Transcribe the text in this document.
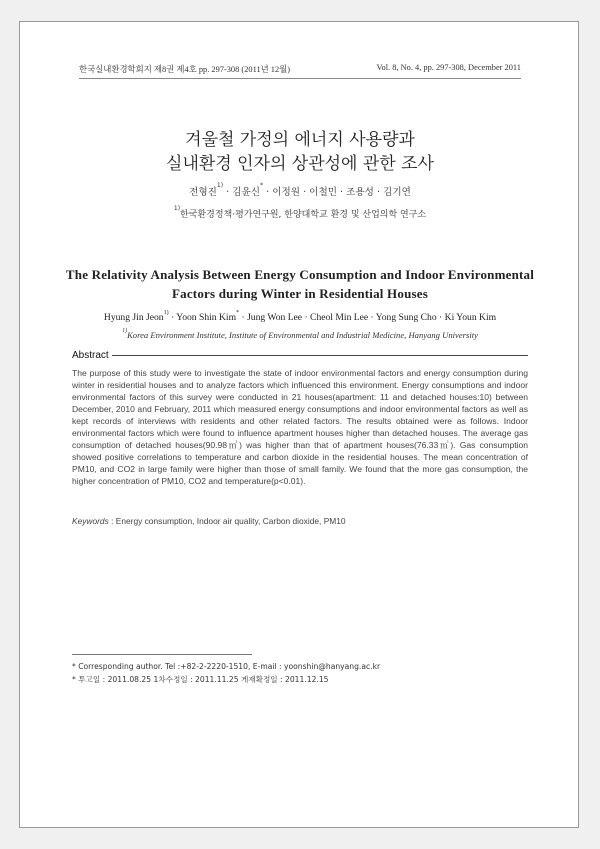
한국실내환경학회지 제8권 제4호 pp. 297-308 (2011년 12월)	Vol. 8, No. 4, pp. 297-308, December 2011
겨울철 가정의 에너지 사용량과
실내환경 인자의 상관성에 관한 조사
전형진$^{1)}$ · 김윤신* · 이정원 · 이철민 · 조용성 · 김기연
$^{1)}$한국환경정책·평가연구원, 한양대학교 환경 및 산업의학 연구소
The Relativity Analysis Between Energy Consumption and Indoor Environmental
Factors during Winter in Residential Houses
Hyung Jin Jeon$^{1)}$ · Yoon Shin Kim* · Jung Won Lee · Cheol Min Lee · Yong Sung Cho · Ki Youn Kim
$^{1)}$Korea Environment Institute, Institute of Environmental and Industrial Medicine, Hanyang University
Abstract

The purpose of this study were to investigate the state of indoor environmental factors and energy consumption during winter in residential houses and to analyze factors which influenced this environment. Energy consumptions and indoor environmental factors of this survey were conducted in 21 houses(apartment: 11 and detached houses:10) between December, 2010 and February, 2011 which measured energy consumptions and indoor environmental factors as well as kept records of interviews with residents and other related factors. The results obtained were as follows. Indoor environmental factors which were found to influence apartment houses higher than detached houses. The average gas consumption of detached houses(90.98㎥) was higher than that of apartment houses(76.33㎥). Gas consumption showed positive correlations to temperature and carbon dioxide in the residential houses. The mean concentration of PM10, and CO2 in large family were higher than those of small family. We found that the more gas consumption, the higher concentration of PM10, CO2 and temperature(p<0.01).

Keywords : Energy consumption, Indoor air quality, Carbon dioxide, PM10
* Corresponding author. Tel :+82-2-2220-1510, E-mail : yoonshin@hanyang.ac.kr
* 투고일 : 2011.08.25 1차수정일 : 2011.11.25 게재확정일 : 2011.12.15
